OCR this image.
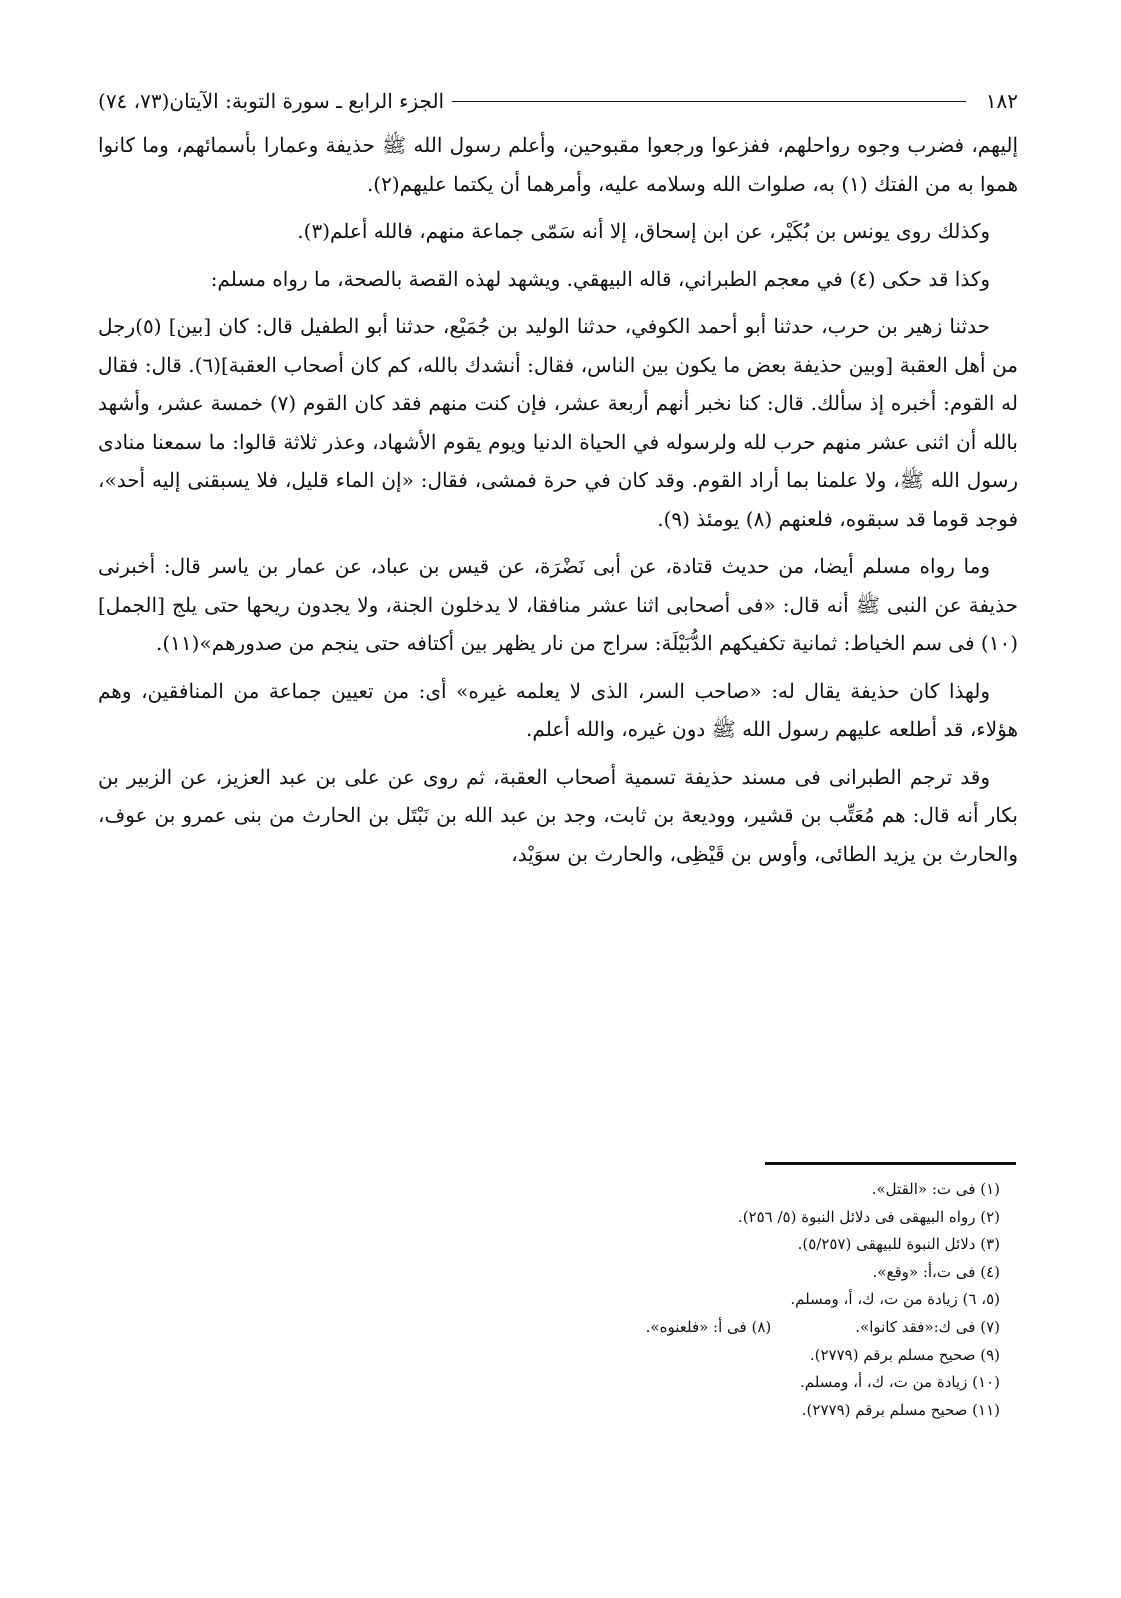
١٨٢
الجزء الرابع ـ سورة التوبة: الآيتان(٧٣، ٧٤)

إليهم، فضرب وجوه رواحلهم، ففزعوا ورجعوا مقبوحين، وأعلم رسول الله ﷺ حذيفة وعمارا بأسمائهم، وما كانوا هموا به من الفتك (١) به، صلوات الله وسلامه عليه، وأمرهما أن يكتما عليهم(٢).

وكذلك روى يونس بن بُكَيْر، عن ابن إسحاق، إلا أنه سَمّى جماعة منهم، فالله أعلم(٣).

وكذا قد حكى (٤) في معجم الطبراني، قاله البيهقي. ويشهد لهذه القصة بالصحة، ما رواه مسلم:

حدثنا زهير بن حرب، حدثنا أبو أحمد الكوفي، حدثنا الوليد بن جُمَيْع، حدثنا أبو الطفيل قال: كان [بين] (٥)رجل من أهل العقبة [وبين حذيفة بعض ما يكون بين الناس، فقال: أنشدك بالله، كم كان أصحاب العقبة](٦). قال: فقال له القوم: أخبره إذ سألك. قال: كنا نخبر أنهم أربعة عشر، فإن كنت منهم فقد كان القوم (٧) خمسة عشر، وأشهد بالله أن اثنى عشر منهم حرب لله ولرسوله في الحياة الدنيا ويوم يقوم الأشهاد، وعذر ثلاثة قالوا: ما سمعنا منادى رسول الله ﷺ، ولا علمنا بما أراد القوم. وقد كان في حرة فمشى، فقال: «إن الماء قليل، فلا يسبقنى إليه أحد»، فوجد قوما قد سبقوه، فلعنهم (٨) يومئذ (٩).

وما رواه مسلم أيضا، من حديث قتادة، عن أبى نَضْرَة، عن قيس بن عباد، عن عمار بن ياسر قال: أخبرنى حذيفة عن النبى ﷺ أنه قال: «فى أصحابى اثنا عشر منافقا، لا يدخلون الجنة، ولا يجدون ريحها حتى يلج [الجمل](١٠) فى سم الخياط: ثمانية تكفيكهم الدُّبَيْلَة: سراج من نار يظهر بين أكتافه حتى ينجم من صدورهم»(١١).

ولهذا كان حذيفة يقال له: «صاحب السر، الذى لا يعلمه غيره» أى: من تعيين جماعة من المنافقين، وهم هؤلاء، قد أطلعه عليهم رسول الله ﷺ دون غيره، والله أعلم.

وقد ترجم الطبرانى فى مسند حذيفة تسمية أصحاب العقبة، ثم روى عن على بن عبد العزيز، عن الزبير بن بكار أنه قال: هم مُعَتِّب بن قشير، ووديعة بن ثابت، وجد بن عبد الله بن نَبْتَل بن الحارث من بنى عمرو بن عوف، والحارث بن يزيد الطائى، وأوس بن قَيْظِى، والحارث بن سوَيْد،

(١) فى ت: «القتل».
(٢) رواه البيهقى فى دلائل النبوة (٥/ ٢٥٦).
(٣) دلائل النبوة للبيهقى (٥/٢٥٧).
(٤) فى ت،أ: «وقع».
(٥، ٦) زيادة من ت، ك، أ، ومسلم.
(٧) فى ك:«فقد كانوا».
(٨) فى أ: «فلعنوه».
(٩) صحيح مسلم برقم (٢٧٧٩).
(١٠) زيادة من ت، ك، أ، ومسلم.
(١١) صحيح مسلم برقم (٢٧٧٩).
